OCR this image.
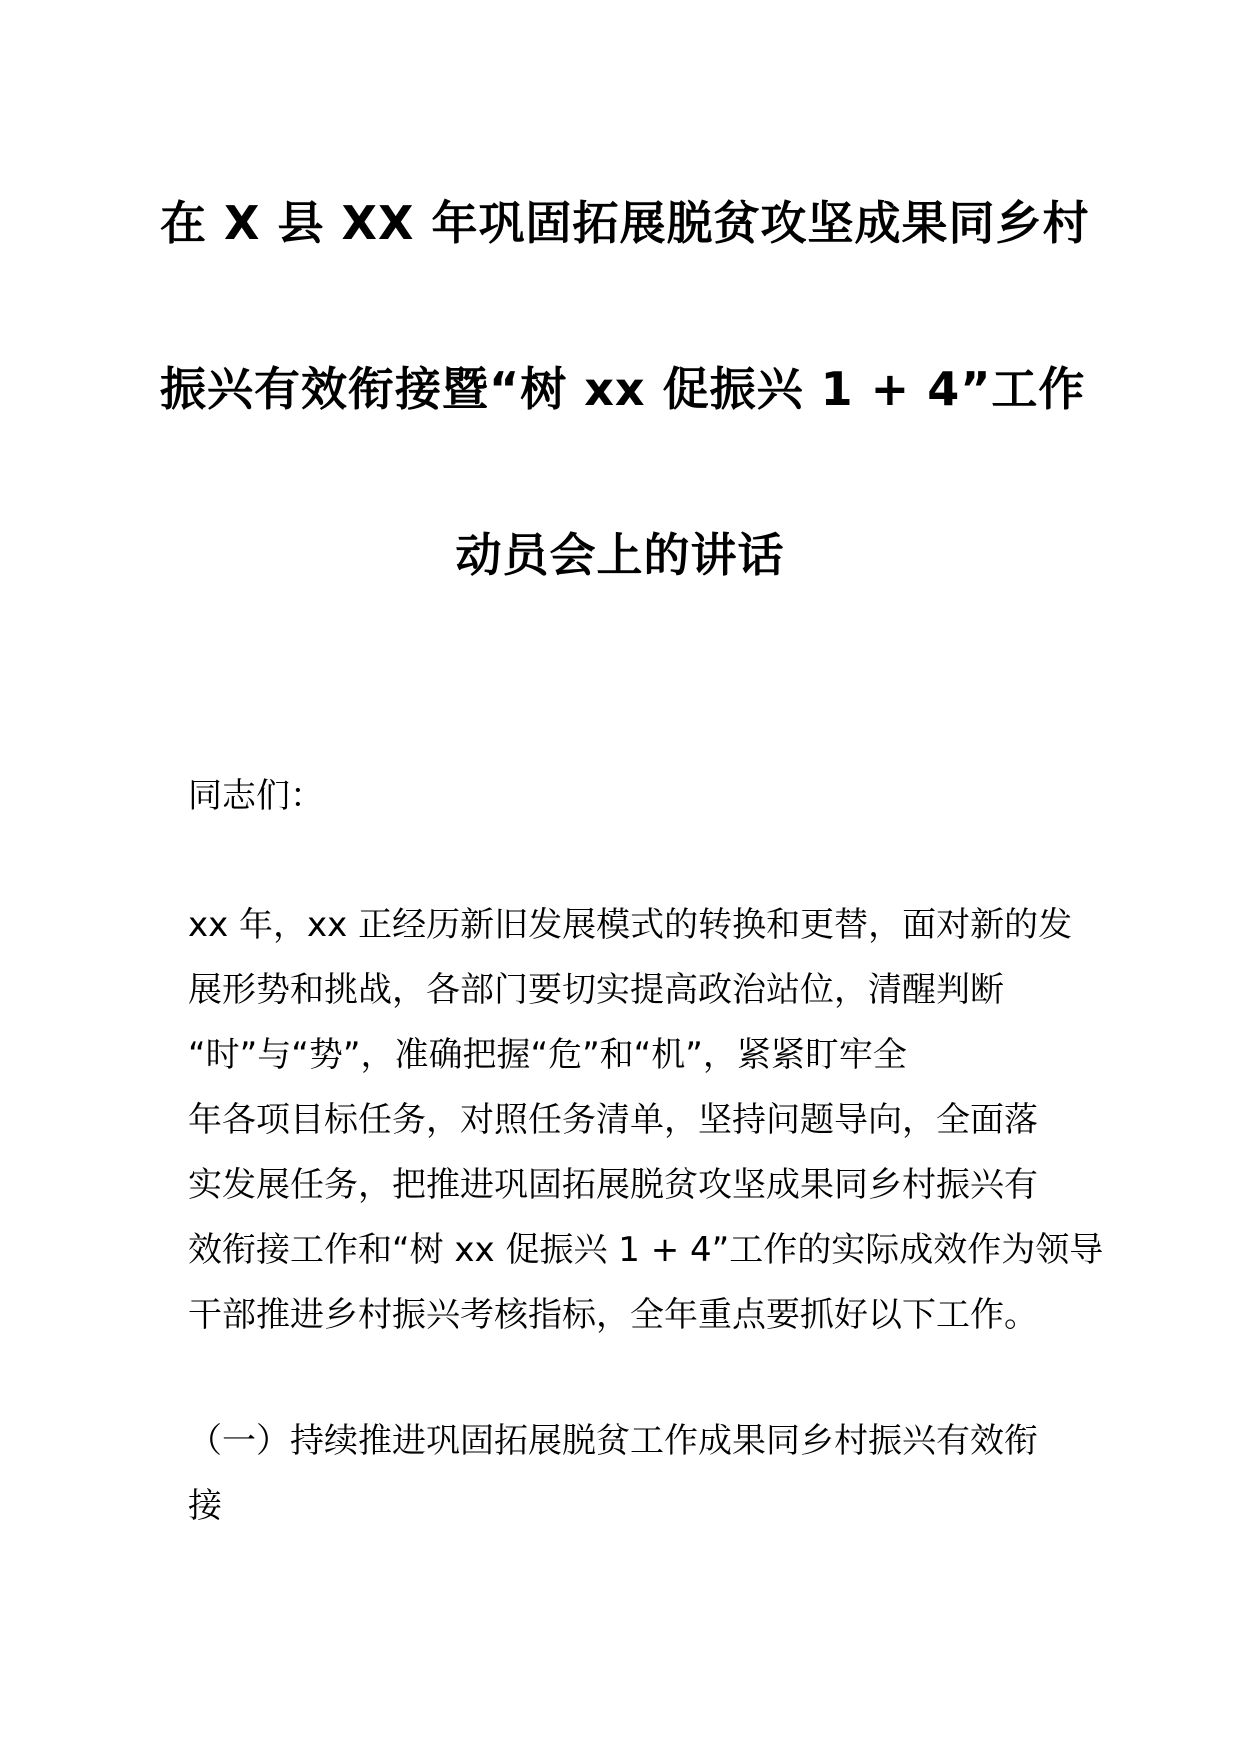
在 X 县 XX 年巩固拓展脱贫攻坚成果同乡村
振兴有效衔接暨“树 xx 促振兴 1 + 4”工作
动员会上的讲话
同志们：
xx 年，xx 正经历新旧发展模式的转换和更替，面对新的发
展形势和挑战，各部门要切实提高政治站位，清醒判断
“时”与“势”，准确把握“危”和“机”，紧紧盯牢全
年各项目标任务，对照任务清单，坚持问题导向，全面落
实发展任务，把推进巩固拓展脱贫攻坚成果同乡村振兴有
效衔接工作和“树 xx 促振兴 1 + 4”工作的实际成效作为领导
干部推进乡村振兴考核指标，全年重点要抓好以下工作。
（一）持续推进巩固拓展脱贫工作成果同乡村振兴有效衔
接
